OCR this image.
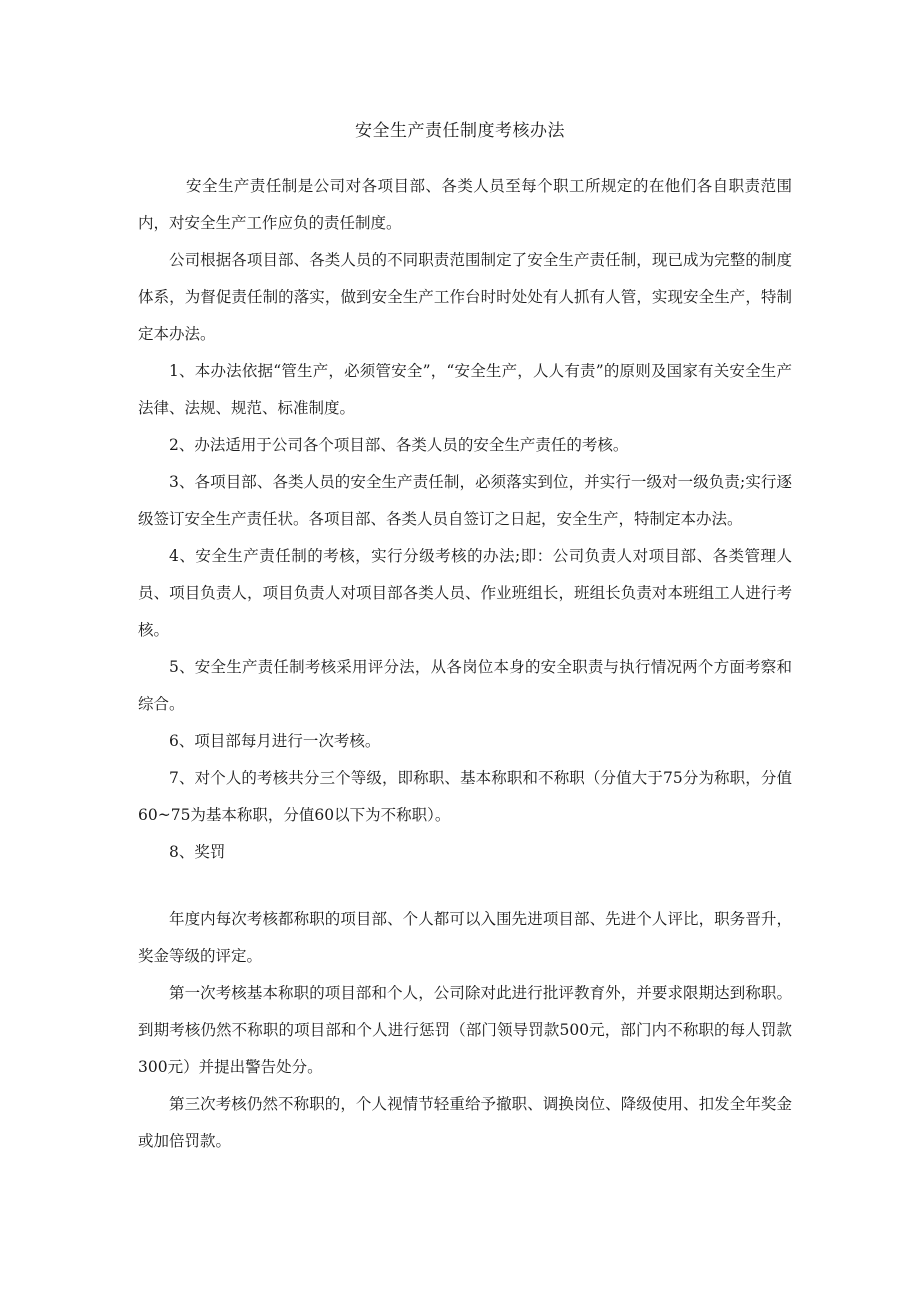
安全生产责任制度考核办法

安全生产责任制是公司对各项目部、各类人员至每个职工所规定的在他们各自职责范围内，对安全生产工作应负的责任制度。

公司根据各项目部、各类人员的不同职责范围制定了安全生产责任制，现已成为完整的制度体系，为督促责任制的落实，做到安全生产工作台时时处处有人抓有人管，实现安全生产，特制定本办法。

1、本办法依据“管生产，必须管安全”，“安全生产，人人有责”的原则及国家有关安全生产法律、法规、规范、标准制度。

2、办法适用于公司各个项目部、各类人员的安全生产责任的考核。

3、各项目部、各类人员的安全生产责任制，必须落实到位，并实行一级对一级负责;实行逐级签订安全生产责任状。各项目部、各类人员自签订之日起，安全生产，特制定本办法。

4、安全生产责任制的考核，实行分级考核的办法;即：公司负责人对项目部、各类管理人员、项目负责人，项目负责人对项目部各类人员、作业班组长，班组长负责对本班组工人进行考核。

5、安全生产责任制考核采用评分法，从各岗位本身的安全职责与执行情况两个方面考察和综合。

6、项目部每月进行一次考核。

7、对个人的考核共分三个等级，即称职、基本称职和不称职（分值大于75分为称职，分值60~75为基本称职，分值60以下为不称职）。

8、奖罚

年度内每次考核都称职的项目部、个人都可以入围先进项目部、先进个人评比，职务晋升，奖金等级的评定。

第一次考核基本称职的项目部和个人，公司除对此进行批评教育外，并要求限期达到称职。到期考核仍然不称职的项目部和个人进行惩罚（部门领导罚款500元，部门内不称职的每人罚款300元）并提出警告处分。

第三次考核仍然不称职的，个人视情节轻重给予撤职、调换岗位、降级使用、扣发全年奖金或加倍罚款。
